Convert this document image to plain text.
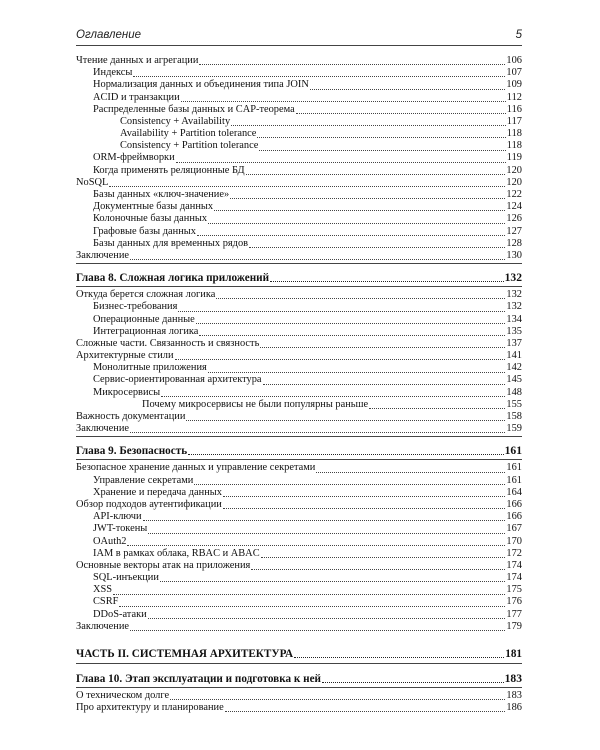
Оглавление	5
Чтение данных и агрегации	106
Индексы	107
Нормализация данных и объединения типа JOIN	109
ACID и транзакции	112
Распределенные базы данных и CAP-теорема	116
Consistency + Availability	117
Availability + Partition tolerance	118
Consistency + Partition tolerance	118
ORM-фреймворки	119
Когда применять реляционные БД	120
NoSQL	120
Базы данных «ключ-значение»	122
Документные базы данных	124
Колоночные базы данных	126
Графовые базы данных	127
Базы данных для временных рядов	128
Заключение	130
Глава 8. Сложная логика приложений	132
Откуда берется сложная логика	132
Бизнес-требования	132
Операционные данные	134
Интеграционная логика	135
Сложные части. Связанность и связность	137
Архитектурные стили	141
Монолитные приложения	142
Сервис-ориентированная архитектура	145
Микросервисы	148
Почему микросервисы не были популярны раньше	155
Важность документации	158
Заключение	159
Глава 9. Безопасность	161
Безопасное хранение данных и управление секретами	161
Управление секретами	161
Хранение и передача данных	164
Обзор подходов аутентификации	166
API-ключи	166
JWT-токены	167
OAuth2	170
IAM в рамках облака, RBAC и ABAC	172
Основные векторы атак на приложения	174
SQL-инъекции	174
XSS	175
CSRF	176
DDoS-атаки	177
Заключение	179
ЧАСТЬ II. СИСТЕМНАЯ АРХИТЕКТУРА	181
Глава 10. Этап эксплуатации и подготовка к ней	183
О техническом долге	183
Про архитектуру и планирование	186
